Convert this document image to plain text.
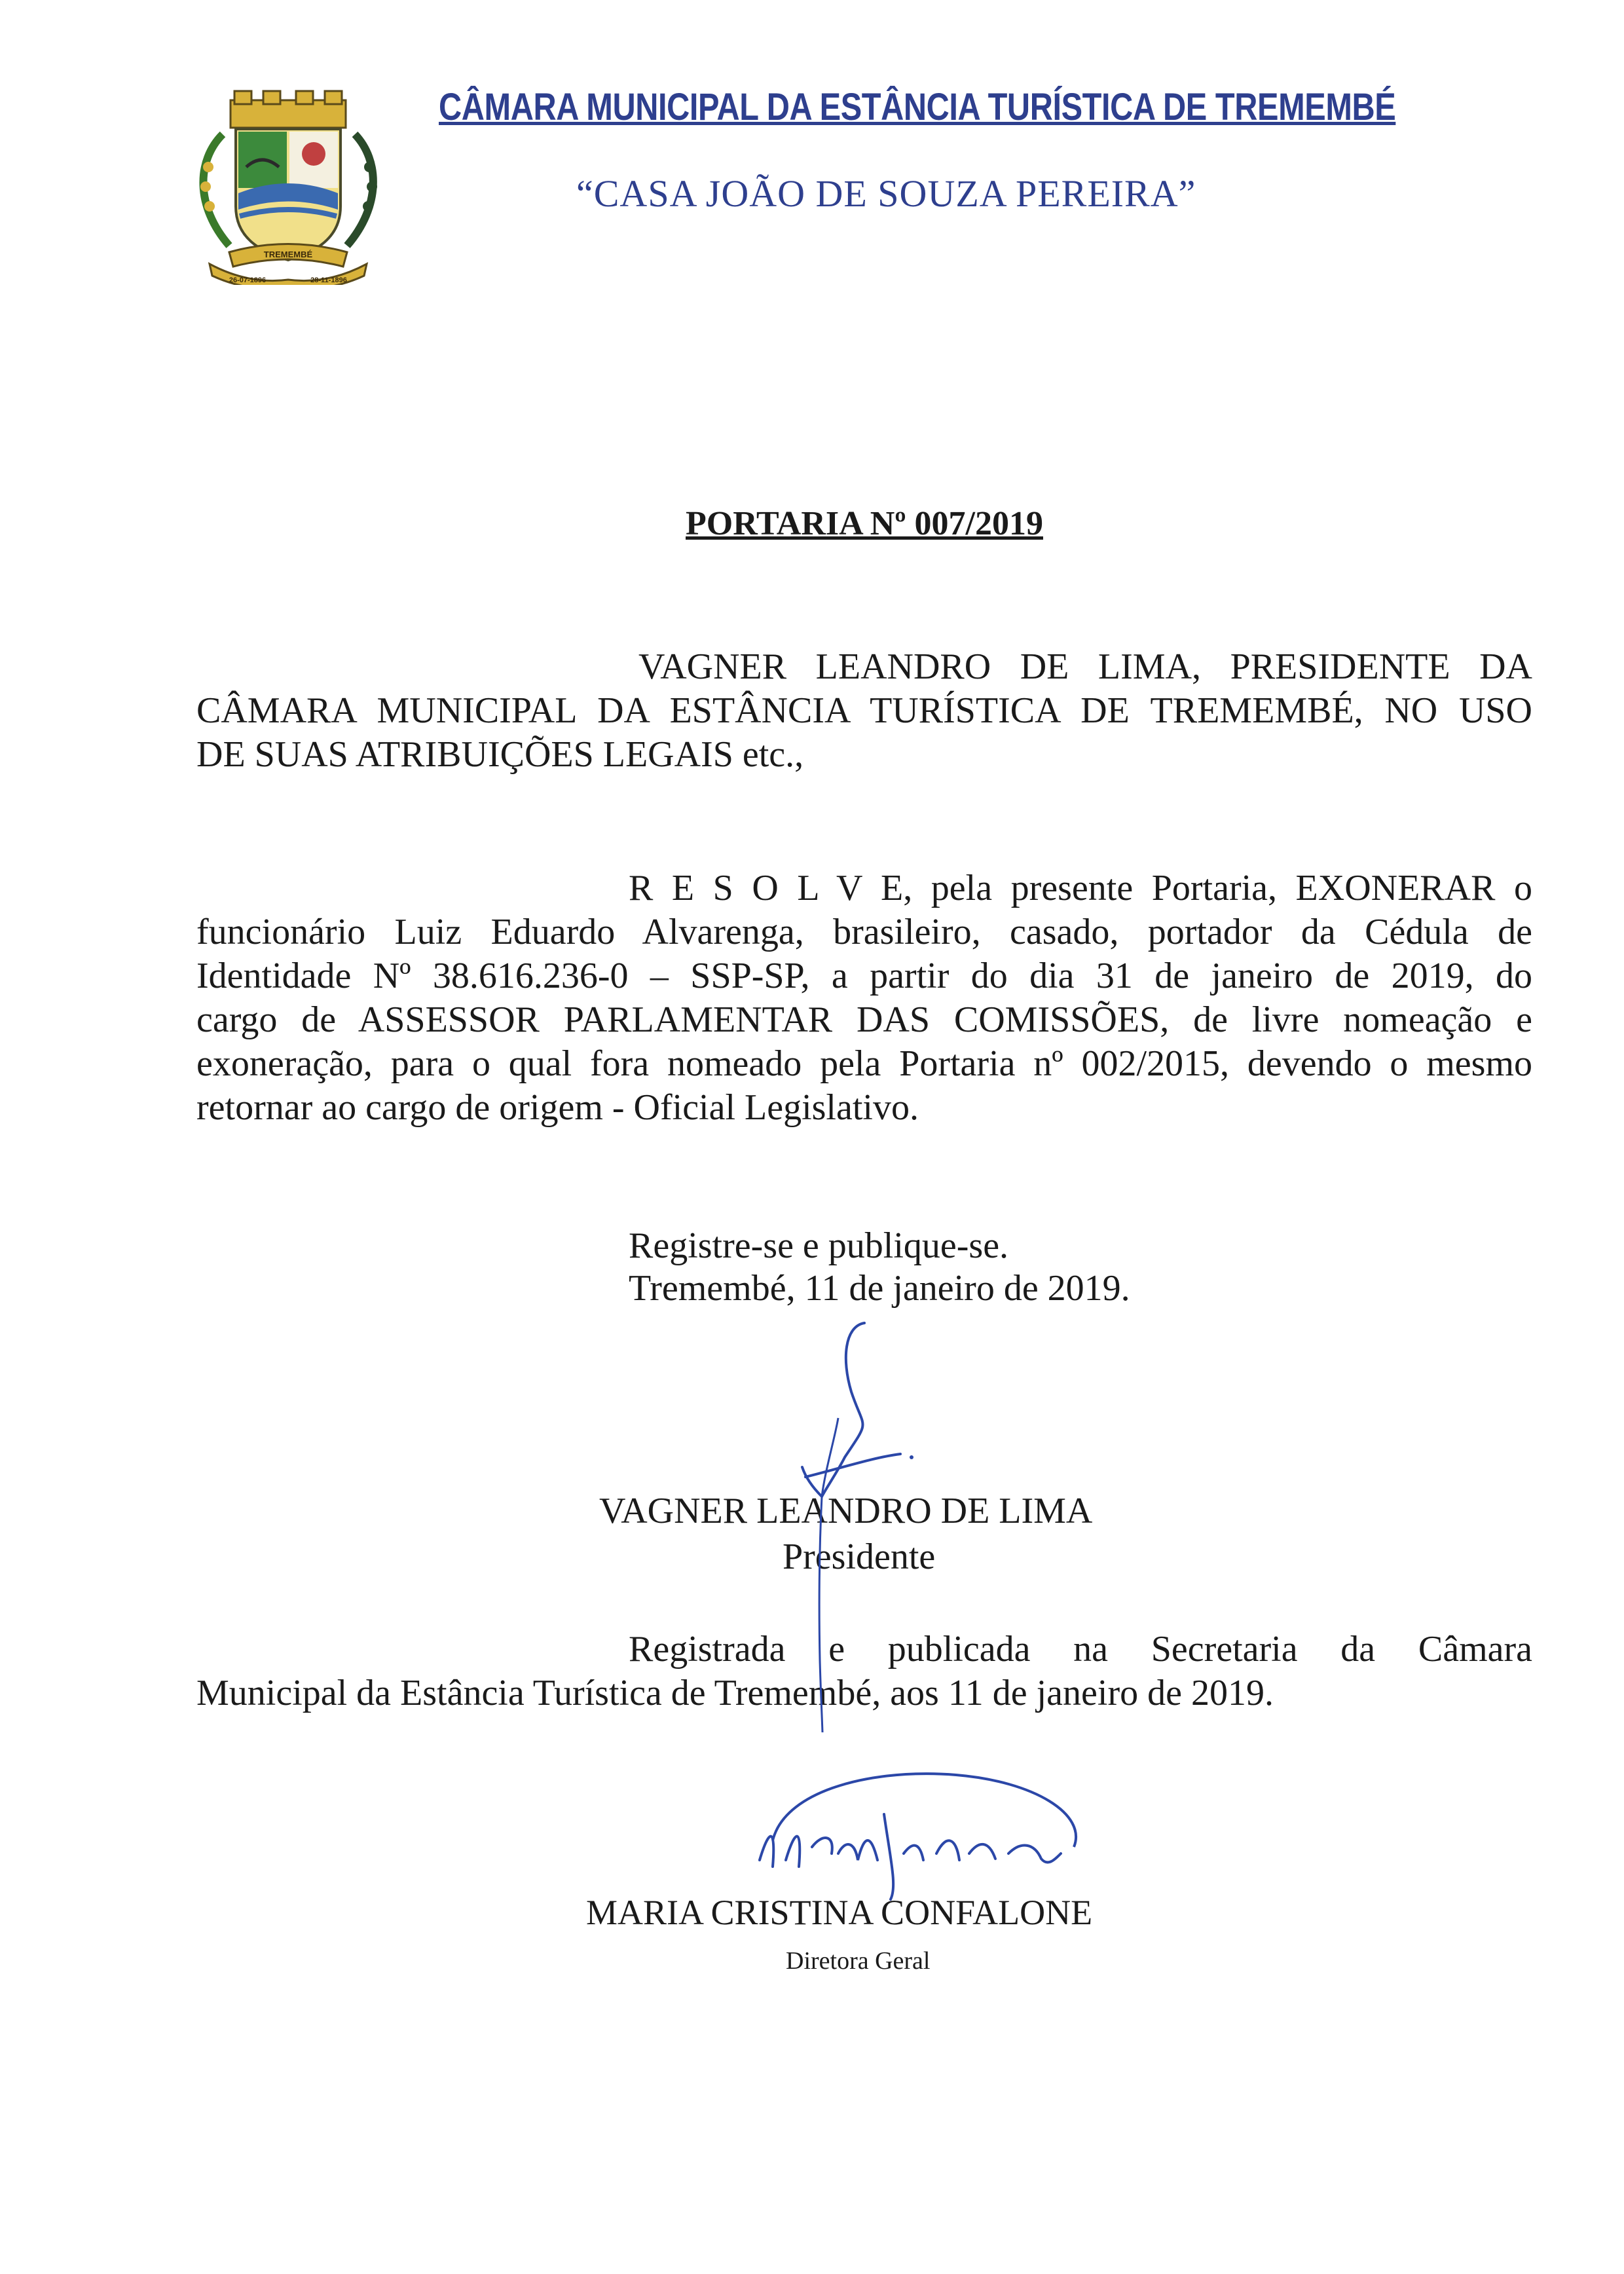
TREMEMBÉ
26-07-1896	28-11-1896
CÂMARA MUNICIPAL DA ESTÂNCIA TURÍSTICA DE TREMEMBÉ
“CASA JOÃO DE SOUZA PEREIRA”
PORTARIA Nº 007/2019
VAGNER LEANDRO DE LIMA, PRESIDENTE DA
CÂMARA MUNICIPAL DA ESTÂNCIA TURÍSTICA DE TREMEMBÉ, NO USO
DE SUAS ATRIBUIÇÕES LEGAIS etc.,
R E S O L V E, pela presente Portaria, EXONERAR o
funcionário Luiz Eduardo Alvarenga, brasileiro, casado, portador da Cédula de
Identidade Nº 38.616.236-0 – SSP-SP, a partir do dia 31 de janeiro de 2019, do
cargo de ASSESSOR PARLAMENTAR DAS COMISSÕES, de livre nomeação e
exoneração, para o qual fora nomeado pela Portaria nº 002/2015, devendo o mesmo
retornar ao cargo de origem - Oficial Legislativo.
Registre-se e publique-se.
Tremembé, 11 de janeiro de 2019.
VAGNER LEANDRO DE LIMA
Presidente
Registrada e publicada na Secretaria da Câmara
Municipal da Estância Turística de Tremembé, aos 11 de janeiro de 2019.
MARIA CRISTINA CONFALONE
Diretora Geral
